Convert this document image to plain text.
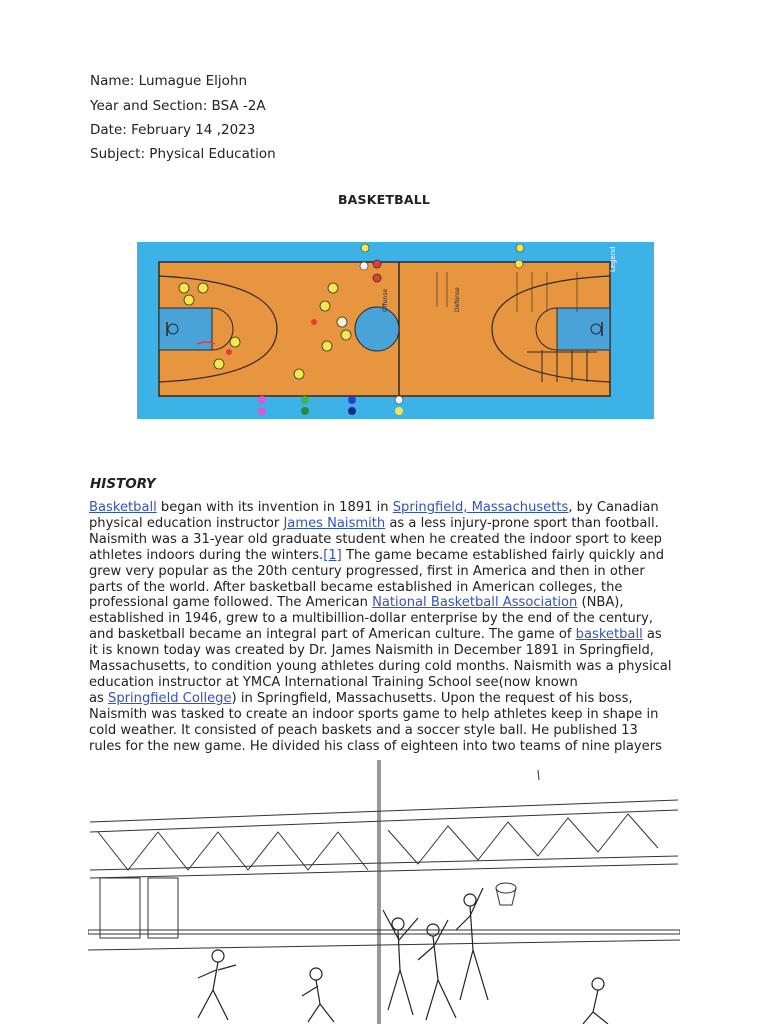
Name: Lumague Eljohn
Year and Section: BSA -2A
Date: February 14 ,2023
Subject: Physical Education
BASKETBALL
Legend
Offense	Defense
HISTORY
Basketball began with its invention in 1891 in Springfield, Massachusetts, by Canadian
physical education instructor James Naismith as a less injury-prone sport than football.
Naismith was a 31-year old graduate student when he created the indoor sport to keep
athletes indoors during the winters.[1] The game became established fairly quickly and
grew very popular as the 20th century progressed, first in America and then in other
parts of the world. After basketball became established in American colleges, the
professional game followed. The American National Basketball Association (NBA),
established in 1946, grew to a multibillion-dollar enterprise by the end of the century,
and basketball became an integral part of American culture. The game of basketball as
it is known today was created by Dr. James Naismith in December 1891 in Springfield,
Massachusetts, to condition young athletes during cold months. Naismith was a physical
education instructor at YMCA International Training School see(now known
as Springfield College) in Springfield, Massachusetts. Upon the request of his boss,
Naismith was tasked to create an indoor sports game to help athletes keep in shape in
cold weather. It consisted of peach baskets and a soccer style ball. He published 13
rules for the new game. He divided his class of eighteen into two teams of nine players
